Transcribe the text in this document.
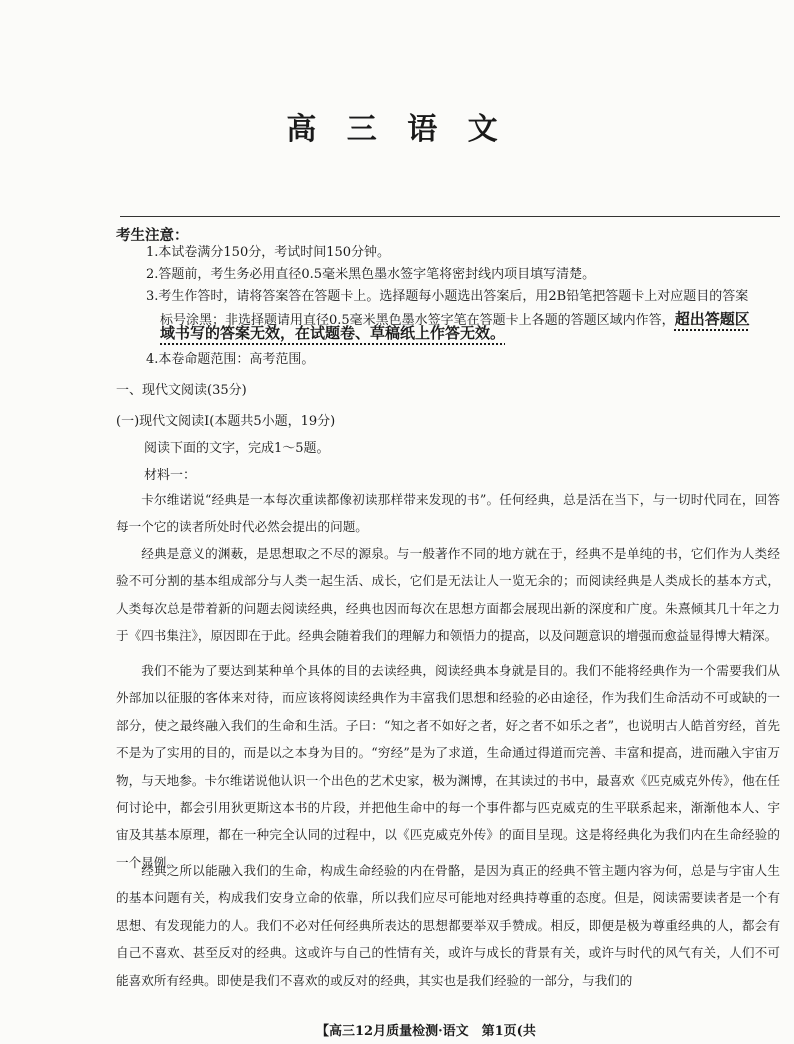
高 三 语 文
考生注意：
1.本试卷满分150分，考试时间150分钟。
2.答题前，考生务必用直径0.5毫米黑色墨水签字笔将密封线内项目填写清楚。
3.考生作答时，请将答案答在答题卡上。选择题每小题选出答案后，用2B铅笔把答题卡上对应题目的答案
标号涂黑；非选择题请用直径0.5毫米黑色墨水签字笔在答题卡上各题的答题区域内作答，超出答题区
域书写的答案无效，在试题卷、草稿纸上作答无效。
4.本卷命题范围：高考范围。
一、现代文阅读(35分)
(一)现代文阅读Ⅰ(本题共5小题，19分)
阅读下面的文字，完成1～5题。
材料一：
卡尔维诺说“经典是一本每次重读都像初读那样带来发现的书”。任何经典，总是活在当下，与一切时代同在，回答每一个它的读者所处时代必然会提出的问题。
经典是意义的渊薮，是思想取之不尽的源泉。与一般著作不同的地方就在于，经典不是单纯的书，它们作为人类经验不可分割的基本组成部分与人类一起生活、成长，它们是无法让人一览无余的；而阅读经典是人类成长的基本方式，人类每次总是带着新的问题去阅读经典，经典也因而每次在思想方面都会展现出新的深度和广度。朱熹倾其几十年之力于《四书集注》，原因即在于此。经典会随着我们的理解力和领悟力的提高，以及问题意识的增强而愈益显得博大精深。
我们不能为了要达到某种单个具体的目的去读经典，阅读经典本身就是目的。我们不能将经典作为一个需要我们从外部加以征服的客体来对待，而应该将阅读经典作为丰富我们思想和经验的必由途径，作为我们生命活动不可或缺的一部分，使之最终融入我们的生命和生活。子曰：“知之者不如好之者，好之者不如乐之者”，也说明古人皓首穷经，首先不是为了实用的目的，而是以之本身为目的。“穷经”是为了求道，生命通过得道而完善、丰富和提高，进而融入宇宙万物，与天地参。卡尔维诺说他认识一个出色的艺术史家，极为渊博，在其读过的书中，最喜欢《匹克威克外传》，他在任何讨论中，都会引用狄更斯这本书的片段，并把他生命中的每一个事件都与匹克威克的生平联系起来，渐渐他本人、宇宙及其基本原理，都在一种完全认同的过程中，以《匹克威克外传》的面目呈现。这是将经典化为我们内在生命经验的一个显例。
经典之所以能融入我们的生命，构成生命经验的内在骨骼，是因为真正的经典不管主题内容为何，总是与宇宙人生的基本问题有关，构成我们安身立命的依靠，所以我们应尽可能地对经典持尊重的态度。但是，阅读需要读者是一个有思想、有发现能力的人。我们不必对任何经典所表达的思想都要举双手赞成。相反，即便是极为尊重经典的人，都会有自己不喜欢、甚至反对的经典。这或许与自己的性情有关，或许与成长的背景有关，或许与时代的风气有关，人们不可能喜欢所有经典。即使是我们不喜欢的或反对的经典，其实也是我们经验的一部分，与我们的
【高三12月质量检测·语文　第1页(共
